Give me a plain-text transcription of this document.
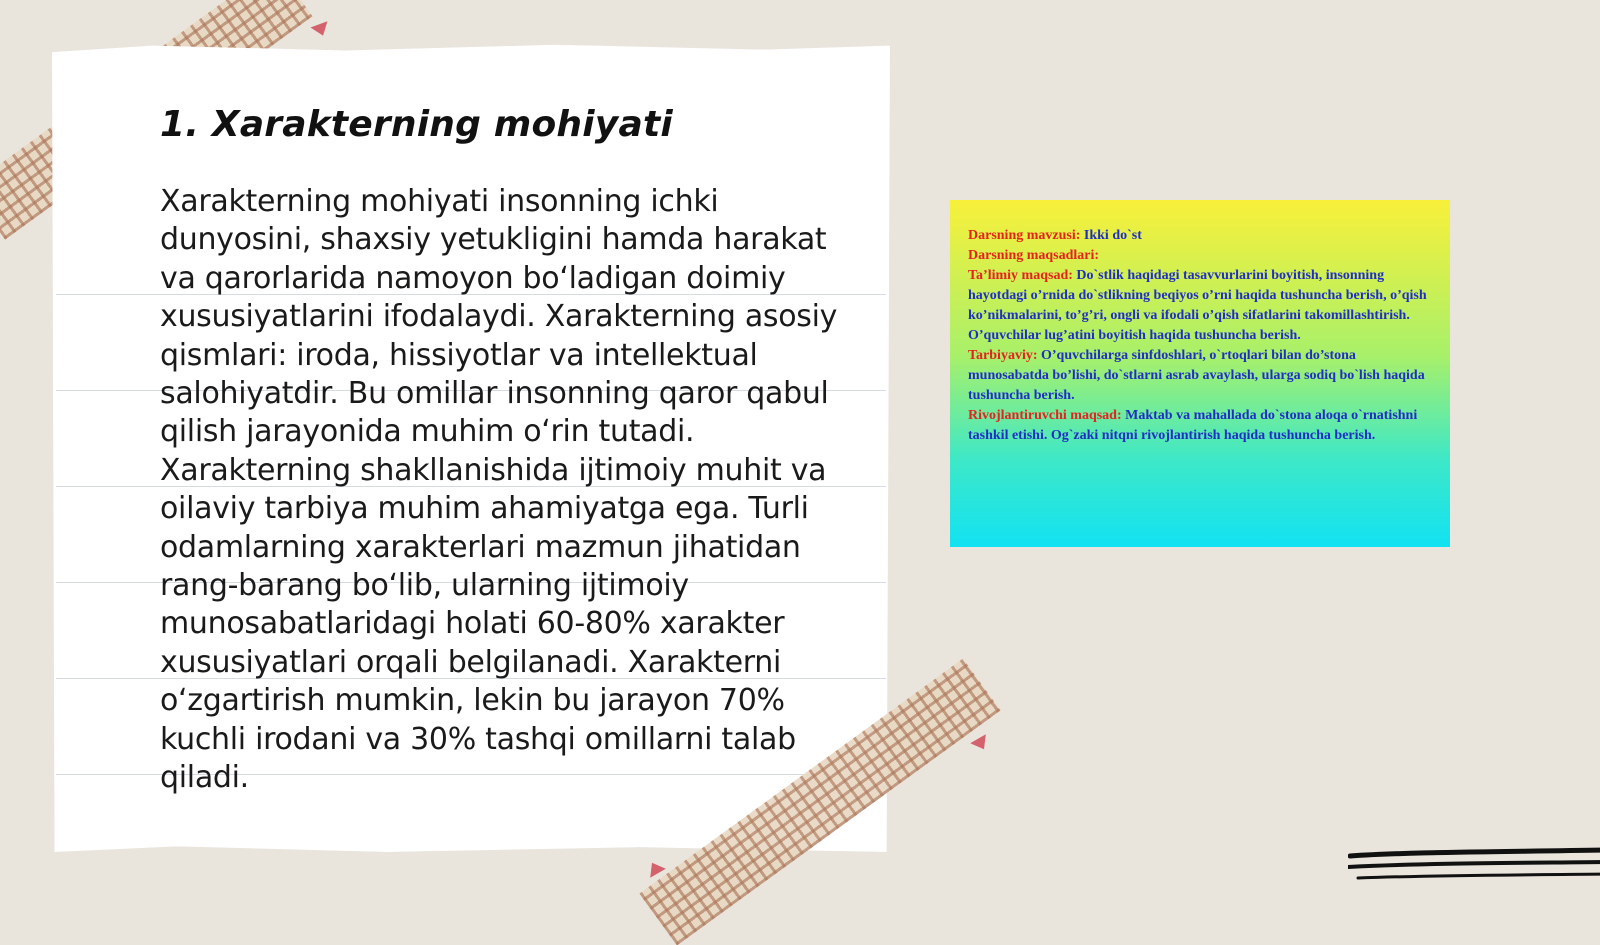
1. Xarakterning mohiyati

Xarakterning mohiyati insonning ichki dunyosini, shaxsiy yetukligini hamda harakat va qarorlarida namoyon bo‘ladigan doimiy xususiyatlarini ifodalaydi. Xarakterning asosiy qismlari: iroda, hissiyotlar va intellektual salohiyatdir. Bu omillar insonning qaror qabul qilish jarayonida muhim o‘rin tutadi. Xarakterning shakllanishida ijtimoiy muhit va oilaviy tarbiya muhim ahamiyatga ega. Turli odamlarning xarakterlari mazmun jihatidan rang-barang bo‘lib, ularning ijtimoiy munosabatlaridagi holati 60-80% xarakter xususiyatlari orqali belgilanadi. Xarakterni o‘zgartirish mumkin, lekin bu jarayon 70% kuchli irodani va 30% tashqi omillarni talab qiladi.

Darsning mavzusi: Ikki do`st

Darsning maqsadlari:

Ta’limiy maqsad: Do`stlik haqidagi tasavvurlarini boyitish, insonning hayotdagi o’rnida do`stlikning beqiyos o’rni haqida tushuncha berish, o’qish ko’nikmalarini, to’g’ri, ongli va ifodali o’qish sifatlarini takomillashtirish. O’quvchilar lug’atini boyitish haqida tushuncha berish.

Tarbiyaviy: O’quvchilarga sinfdoshlari, o`rtoqlari bilan do’stona munosabatda bo’lishi, do`stlarni asrab avaylash, ularga sodiq bo`lish haqida tushuncha berish.

Rivojlantiruvchi maqsad: Maktab va mahallada do`stona aloqa o`rnatishni tashkil etishi. Og`zaki nitqni rivojlantirish haqida tushuncha berish.
